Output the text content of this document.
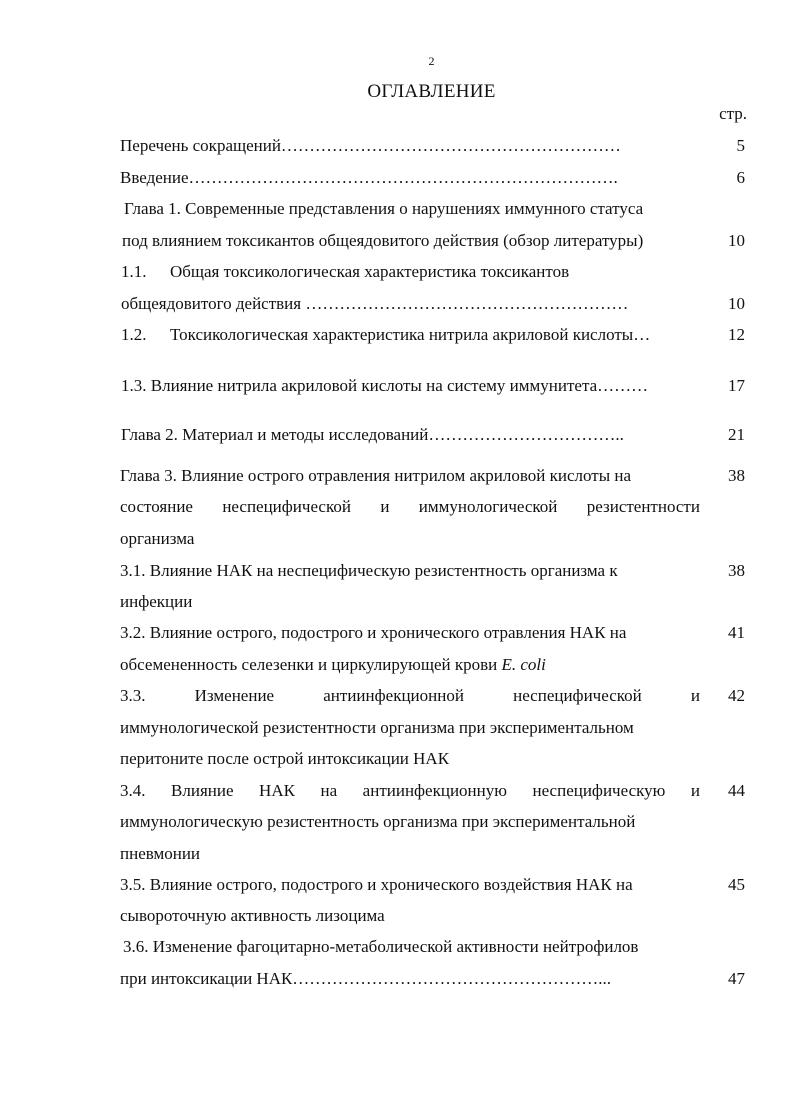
2
ОГЛАВЛЕНИЕ
стр.
Перечень сокращений……………………………………………………	5
Введение………………………………………………………………….	6
Глава 1. Современные представления о нарушениях иммунного статуса
под влиянием токсикантов общеядовитого действия (обзор литературы)	10
1.1. Общая токсикологическая характеристика токсикантов
общеядовитого действия …………………………………………………	10
1.2. Токсикологическая характеристика нитрила акриловой кислоты…	12
1.3. Влияние нитрила акриловой кислоты на систему иммунитета………	17
Глава 2. Материал и методы исследований……………………………..	21
Глава 3. Влияние острого отравления нитрилом акриловой кислоты на	38
состояние неспецифической и иммунологической резистентности
организма
3.1. Влияние НАК на неспецифическую резистентность организма к	38
инфекции
3.2. Влияние острого, подострого и хронического отравления НАК на	41
обсемененность селезенки и циркулирующей крови E. coli
3.3.	Изменение	антиинфекционной	неспецифической	и 42
иммунологической резистентности организма при экспериментальном
перитоните после острой интоксикации НАК
3.4. Влияние НАК на антиинфекционную неспецифическую и 44
иммунологическую резистентность организма при экспериментальной
пневмонии
3.5. Влияние острого, подострого и хронического воздействия НАК на	45
сывороточную активность лизоцима
3.6. Изменение фагоцитарно-метаболической активности нейтрофилов
при интоксикации НАК………………………………………………...	47
